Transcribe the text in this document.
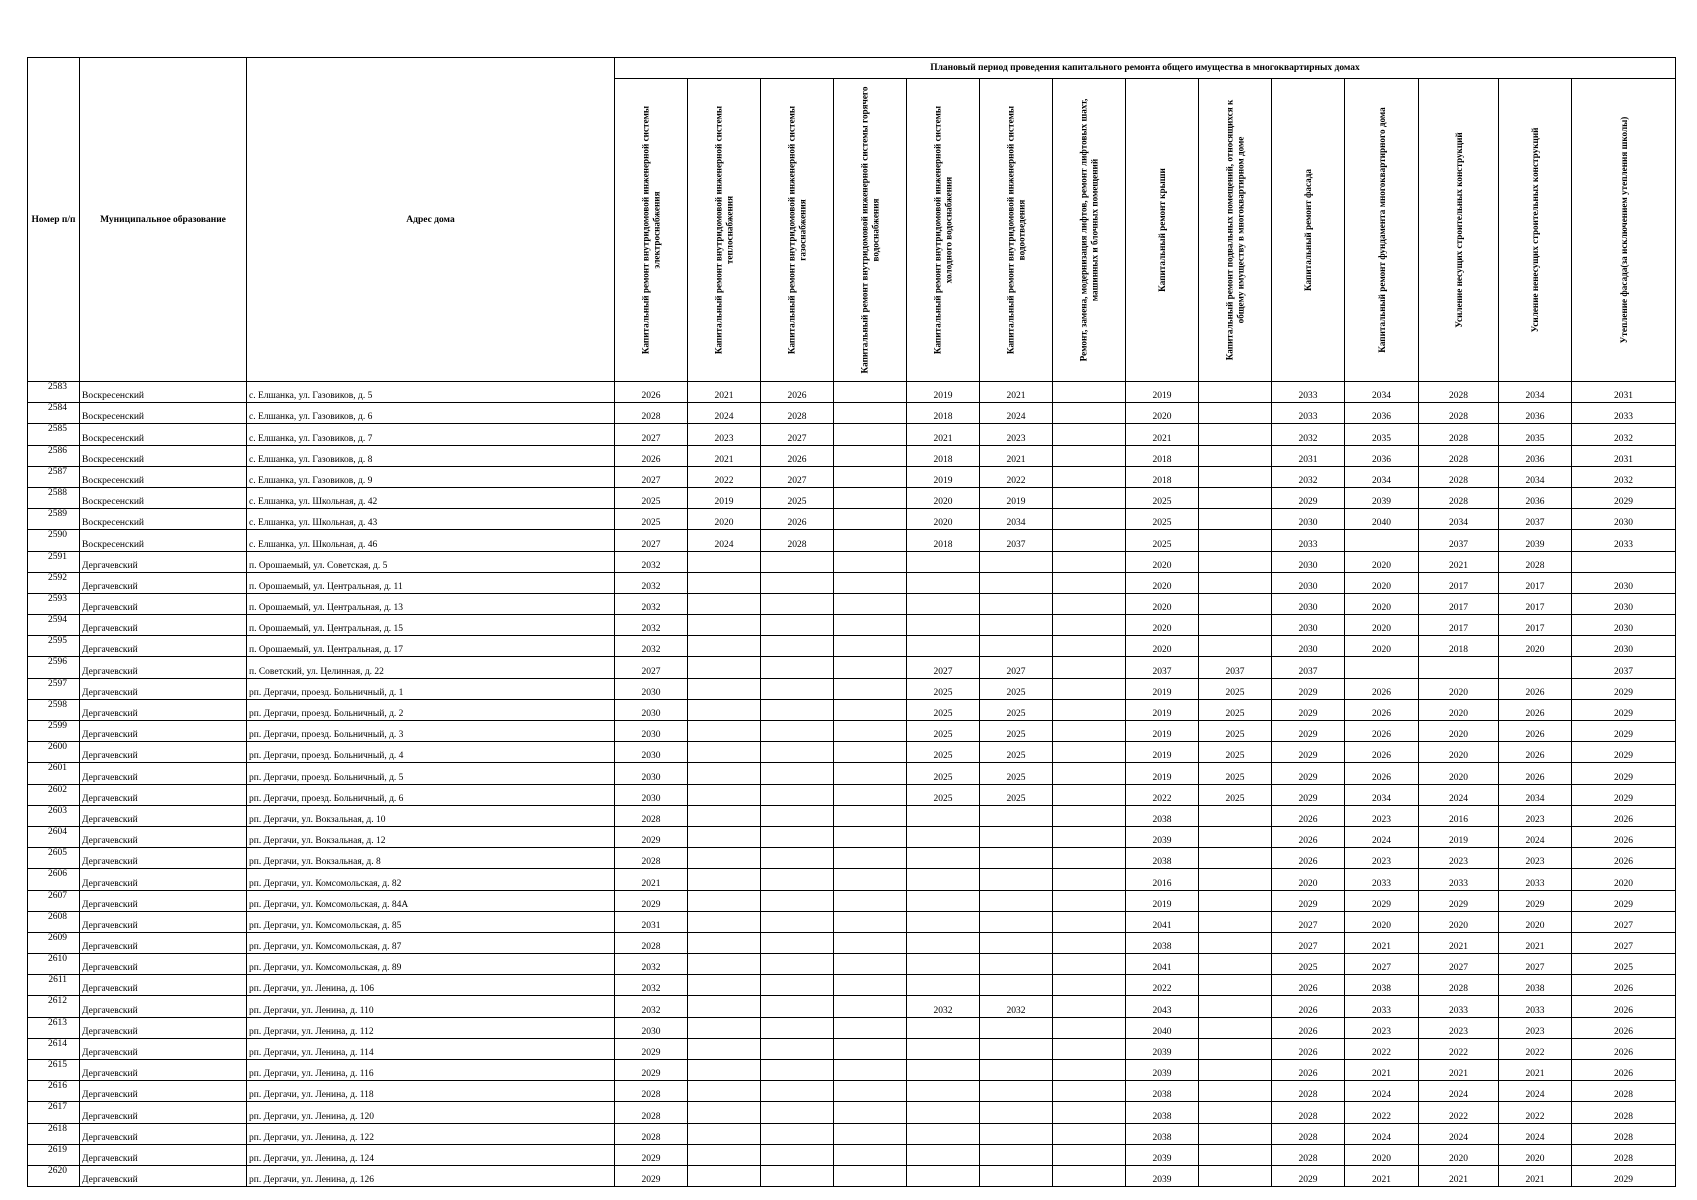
Номер п/п	Муниципальное образование	Адрес дома	Плановый период проведения капитального ремонта общего имущества в многоквартирных домах													

			Капитальный ремонт внутридомовой инженерной системы электроснабжения	Капитальный ремонт внутридомовой инженерной системы теплоснабжения	Капитальный ремонт внутридомовой инженерной системы газоснабжения	Капитальный ремонт внутридомовой инженерной системы горячего водоснабжения	Капитальный ремонт внутридомовой инженерной системы холодного водоснабжения	Капитальный ремонт внутридомовой инженерной системы водоотведения	Ремонт, замена, модернизация лифтов, ремонт лифтовых шахт, машинных и блочных помещений	Капитальный ремонт крыши	Капитальный ремонт подвальных помещений, относящихся к общему имуществу в многоквартирном доме	Капитальный ремонт фасада	Капитальный ремонт фундамента многоквартирного дома	Усиление несущих строительных конструкций	Усиление ненесущих строительных конструкций	Утепление фасада(за исключением утепления школы)

2583	Воскресенский	с. Елшанка, ул. Газовиков, д. 5	2026	2021	2026		2019	2021		2019		2033	2034	2028	2034	2031
2584	Воскресенский	с. Елшанка, ул. Газовиков, д. 6	2028	2024	2028		2018	2024		2020		2033	2036	2028	2036	2033
2585	Воскресенский	с. Елшанка, ул. Газовиков, д. 7	2027	2023	2027		2021	2023		2021		2032	2035	2028	2035	2032
2586	Воскресенский	с. Елшанка, ул. Газовиков, д. 8	2026	2021	2026		2018	2021		2018		2031	2036	2028	2036	2031
2587	Воскресенский	с. Елшанка, ул. Газовиков, д. 9	2027	2022	2027		2019	2022		2018		2032	2034	2028	2034	2032
2588	Воскресенский	с. Елшанка, ул. Школьная, д. 42	2025	2019	2025		2020	2019		2025		2029	2039	2028	2036	2029
2589	Воскресенский	с. Елшанка, ул. Школьная, д. 43	2025	2020	2026		2020	2034		2025		2030	2040	2034	2037	2030
2590	Воскресенский	с. Елшанка, ул. Школьная, д. 46	2027	2024	2028		2018	2037		2025		2033		2037	2039	2033
2591	Дергачевский	п. Орошаемый, ул. Советская, д. 5	2032							2020		2030	2020	2021	2028	
2592	Дергачевский	п. Орошаемый, ул. Центральная, д. 11	2032							2020		2030	2020	2017	2017	2030
2593	Дергачевский	п. Орошаемый, ул. Центральная, д. 13	2032							2020		2030	2020	2017	2017	2030
2594	Дергачевский	п. Орошаемый, ул. Центральная, д. 15	2032							2020		2030	2020	2017	2017	2030
2595	Дергачевский	п. Орошаемый, ул. Центральная, д. 17	2032							2020		2030	2020	2018	2020	2030
2596	Дергачевский	п. Советский, ул. Целинная, д. 22	2027				2027	2027		2037	2037	2037				2037
2597	Дергачевский	рп. Дергачи, проезд. Больничный, д. 1	2030				2025	2025		2019	2025	2029	2026	2020	2026	2029
2598	Дергачевский	рп. Дергачи, проезд. Больничный, д. 2	2030				2025	2025		2019	2025	2029	2026	2020	2026	2029
2599	Дергачевский	рп. Дергачи, проезд. Больничный, д. 3	2030				2025	2025		2019	2025	2029	2026	2020	2026	2029
2600	Дергачевский	рп. Дергачи, проезд. Больничный, д. 4	2030				2025	2025		2019	2025	2029	2026	2020	2026	2029
2601	Дергачевский	рп. Дергачи, проезд. Больничный, д. 5	2030				2025	2025		2019	2025	2029	2026	2020	2026	2029
2602	Дергачевский	рп. Дергачи, проезд. Больничный, д. 6	2030				2025	2025		2022	2025	2029	2034	2024	2034	2029
2603	Дергачевский	рп. Дергачи, ул. Вокзальная, д. 10	2028							2038		2026	2023	2016	2023	2026
2604	Дергачевский	рп. Дергачи, ул. Вокзальная, д. 12	2029							2039		2026	2024	2019	2024	2026
2605	Дергачевский	рп. Дергачи, ул. Вокзальная, д. 8	2028							2038		2026	2023	2023	2023	2026
2606	Дергачевский	рп. Дергачи, ул. Комсомольская, д. 82	2021							2016		2020	2033	2033	2033	2020
2607	Дергачевский	рп. Дергачи, ул. Комсомольская, д. 84А	2029							2019		2029	2029	2029	2029	2029
2608	Дергачевский	рп. Дергачи, ул. Комсомольская, д. 85	2031							2041		2027	2020	2020	2020	2027
2609	Дергачевский	рп. Дергачи, ул. Комсомольская, д. 87	2028							2038		2027	2021	2021	2021	2027
2610	Дергачевский	рп. Дергачи, ул. Комсомольская, д. 89	2032							2041		2025	2027	2027	2027	2025
2611	Дергачевский	рп. Дергачи, ул. Ленина, д. 106	2032							2022		2026	2038	2028	2038	2026
2612	Дергачевский	рп. Дергачи, ул. Ленина, д. 110	2032				2032	2032		2043		2026	2033	2033	2033	2026
2613	Дергачевский	рп. Дергачи, ул. Ленина, д. 112	2030							2040		2026	2023	2023	2023	2026
2614	Дергачевский	рп. Дергачи, ул. Ленина, д. 114	2029							2039		2026	2022	2022	2022	2026
2615	Дергачевский	рп. Дергачи, ул. Ленина, д. 116	2029							2039		2026	2021	2021	2021	2026
2616	Дергачевский	рп. Дергачи, ул. Ленина, д. 118	2028							2038		2028	2024	2024	2024	2028
2617	Дергачевский	рп. Дергачи, ул. Ленина, д. 120	2028							2038		2028	2022	2022	2022	2028
2618	Дергачевский	рп. Дергачи, ул. Ленина, д. 122	2028							2038		2028	2024	2024	2024	2028
2619	Дергачевский	рп. Дергачи, ул. Ленина, д. 124	2029							2039		2028	2020	2020	2020	2028
2620	Дергачевский	рп. Дергачи, ул. Ленина, д. 126	2029							2039		2029	2021	2021	2021	2029
